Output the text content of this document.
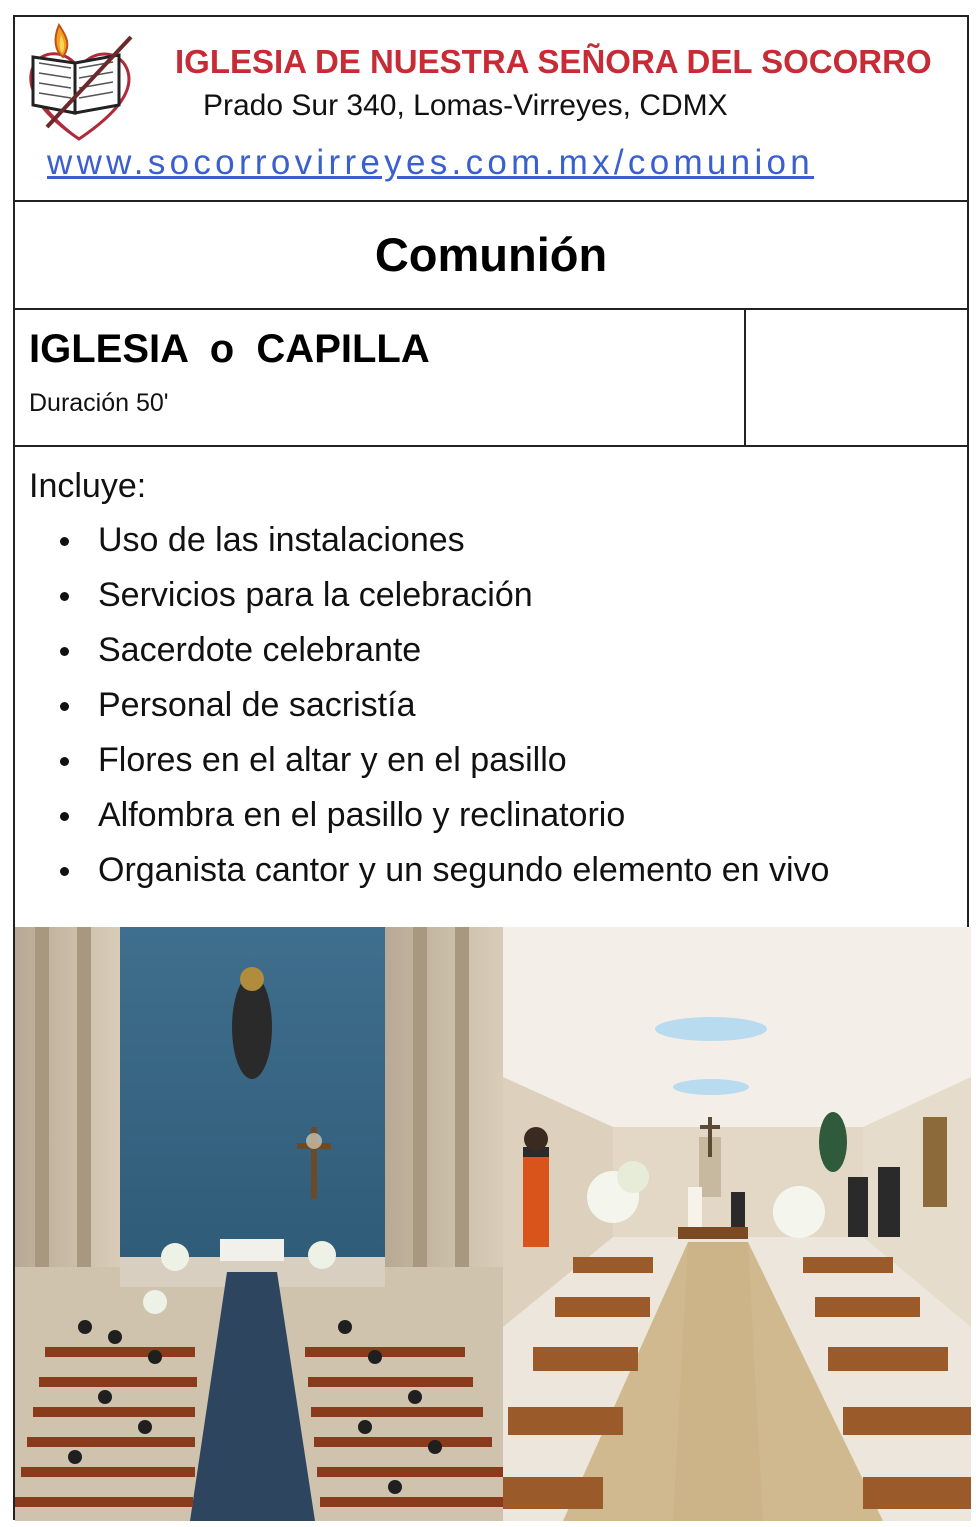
IGLESIA DE NUESTRA SEÑORA DEL SOCORRO
Prado Sur 340, Lomas-Virreyes, CDMX
www.socorrovirreyes.com.mx/comunion
Comunión
IGLESIA  o  CAPILLA
Duración 50'
Incluye:
Uso de las instalaciones
Servicios para la celebración
Sacerdote celebrante
Personal de sacristía
Flores en el altar y en el pasillo
Alfombra en el pasillo y reclinatorio
Organista cantor y un segundo elemento en vivo
